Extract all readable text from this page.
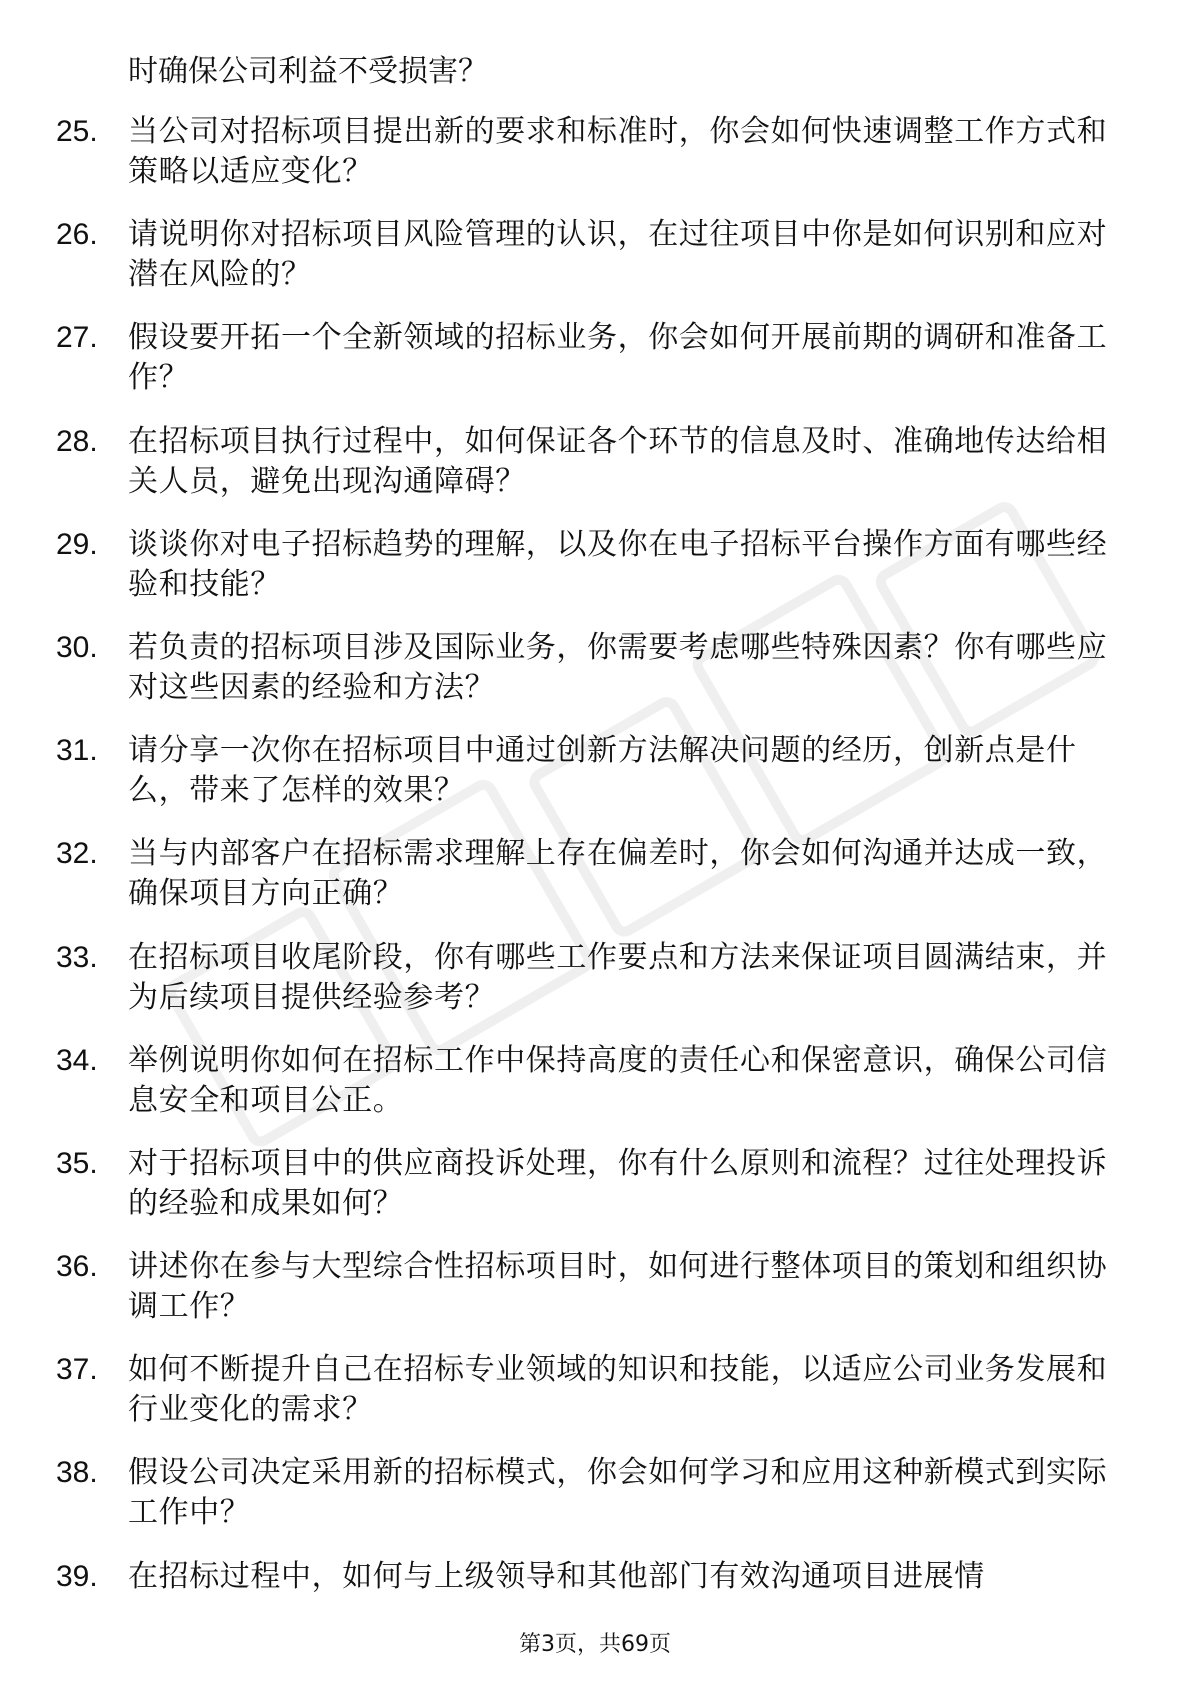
时确保公司利益不受损害？
25. 当公司对招标项目提出新的要求和标准时，你会如何快速调整工作方式和策略以适应变化？
26. 请说明你对招标项目风险管理的认识，在过往项目中你是如何识别和应对潜在风险的？
27. 假设要开拓一个全新领域的招标业务，你会如何开展前期的调研和准备工作？
28. 在招标项目执行过程中，如何保证各个环节的信息及时、准确地传达给相关人员，避免出现沟通障碍？
29. 谈谈你对电子招标趋势的理解，以及你在电子招标平台操作方面有哪些经验和技能？
30. 若负责的招标项目涉及国际业务，你需要考虑哪些特殊因素？你有哪些应对这些因素的经验和方法？
31. 请分享一次你在招标项目中通过创新方法解决问题的经历，创新点是什么，带来了怎样的效果？
32. 当与内部客户在招标需求理解上存在偏差时，你会如何沟通并达成一致，确保项目方向正确？
33. 在招标项目收尾阶段，你有哪些工作要点和方法来保证项目圆满结束，并为后续项目提供经验参考？
34. 举例说明你如何在招标工作中保持高度的责任心和保密意识，确保公司信息安全和项目公正。
35. 对于招标项目中的供应商投诉处理，你有什么原则和流程？过往处理投诉的经验和成果如何？
36. 讲述你在参与大型综合性招标项目时，如何进行整体项目的策划和组织协调工作？
37. 如何不断提升自己在招标专业领域的知识和技能，以适应公司业务发展和行业变化的需求？
38. 假设公司决定采用新的招标模式，你会如何学习和应用这种新模式到实际工作中？
39. 在招标过程中，如何与上级领导和其他部门有效沟通项目进展情
第3页，共69页
